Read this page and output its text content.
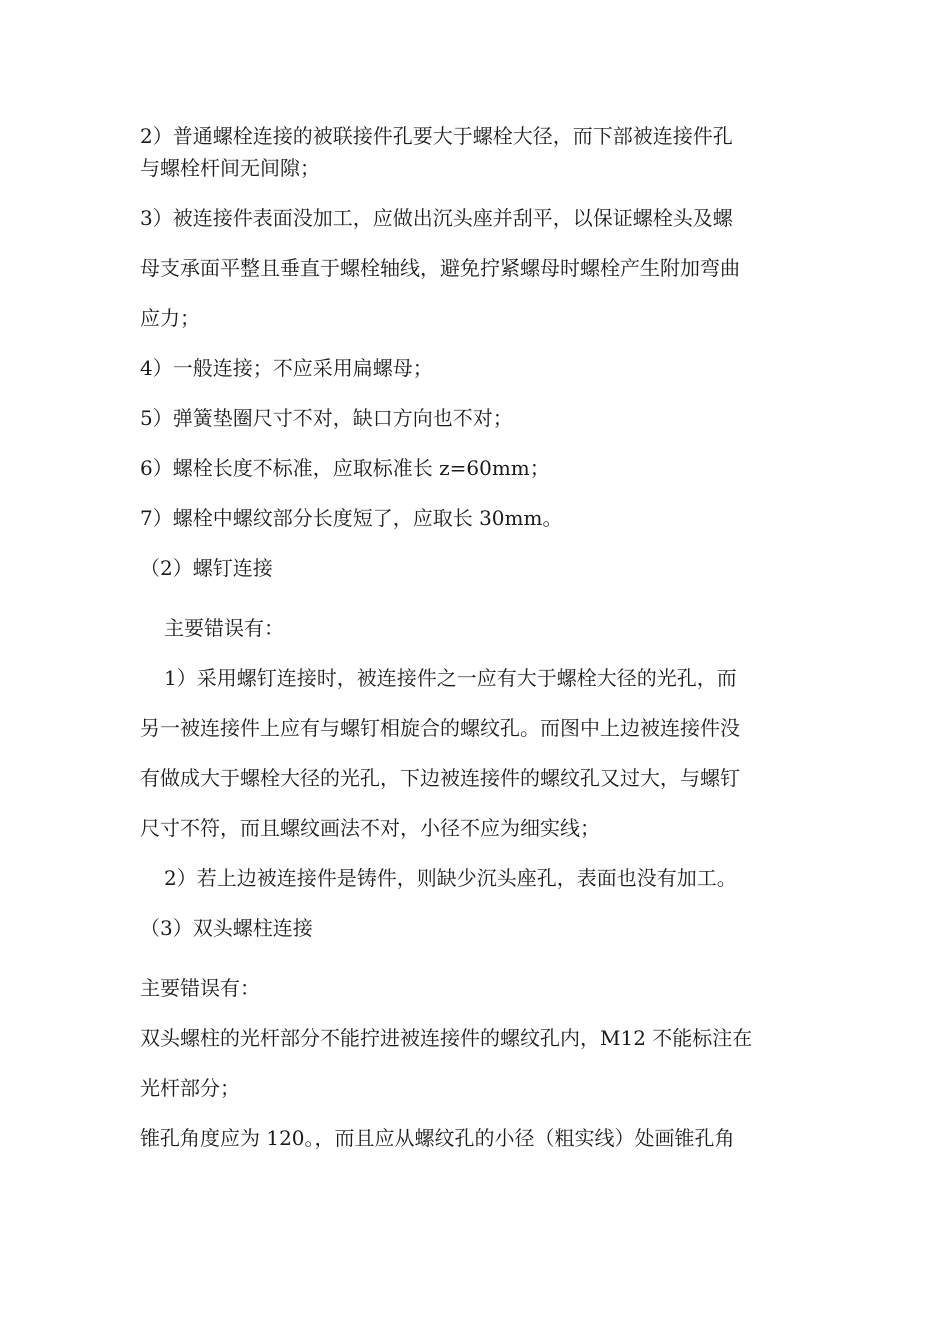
2）普通螺栓连接的被联接件孔要大于螺栓大径，而下部被连接件孔

与螺栓杆间无间隙；

3）被连接件表面没加工，应做出沉头座并刮平，以保证螺栓头及螺

母支承面平整且垂直于螺栓轴线，避免拧紧螺母时螺栓产生附加弯曲

应力；

4）一般连接；不应采用扁螺母；

5）弹簧垫圈尺寸不对，缺口方向也不对；

6）螺栓长度不标准，应取标准长 z=60mm；

7）螺栓中螺纹部分长度短了，应取长 30mm。

（2）螺钉连接

主要错误有：

1）采用螺钉连接时，被连接件之一应有大于螺栓大径的光孔，而

另一被连接件上应有与螺钉相旋合的螺纹孔。而图中上边被连接件没

有做成大于螺栓大径的光孔，下边被连接件的螺纹孔又过大，与螺钉

尺寸不符，而且螺纹画法不对，小径不应为细实线；

2）若上边被连接件是铸件，则缺少沉头座孔，表面也没有加工。

（3）双头螺柱连接

主要错误有：

双头螺柱的光杆部分不能拧进被连接件的螺纹孔内，M12 不能标注在

光杆部分；

锥孔角度应为 120。，而且应从螺纹孔的小径（粗实线）处画锥孔角
